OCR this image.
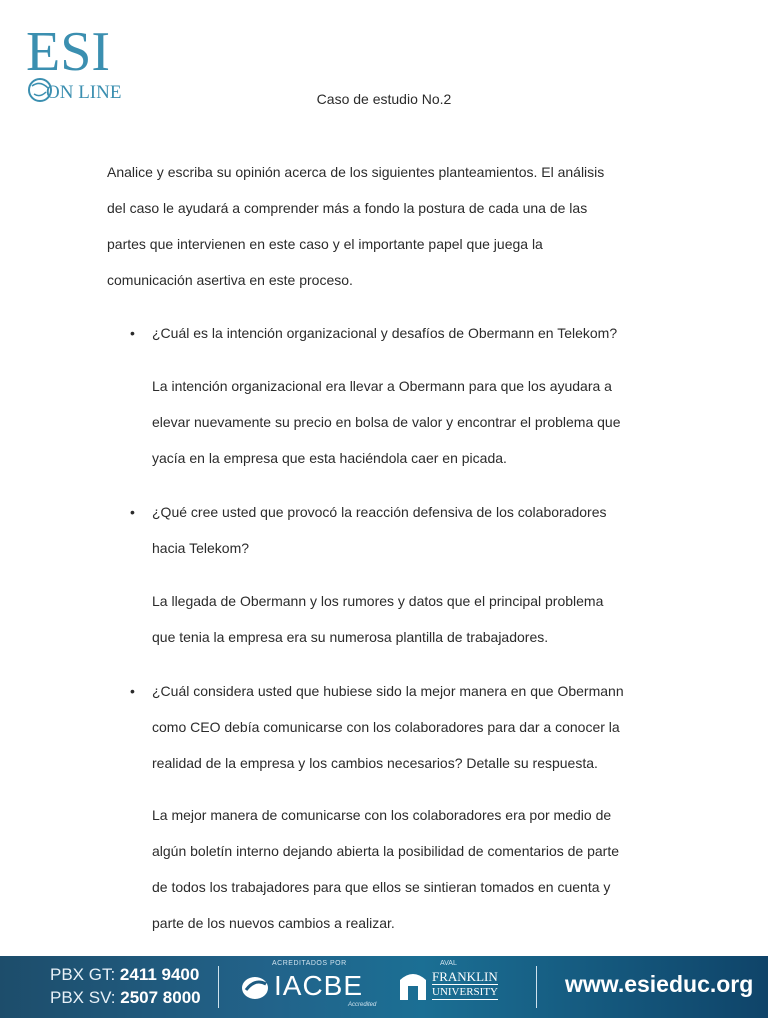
ESI
ON LINE	Caso de estudio No.2

Analice y escriba su opinión acerca de los siguientes planteamientos. El análisis

del caso le ayudará a comprender más a fondo la postura de cada una de las

partes que intervienen en este caso y el importante papel que juega la

comunicación asertiva en este proceso.

• ¿Cuál es la intención organizacional y desafíos de Obermann en Telekom?

La intención organizacional era llevar a Obermann para que los ayudara a

elevar nuevamente su precio en bolsa de valor y encontrar el problema que

yacía en la empresa que esta haciéndola caer en picada.

• ¿Qué cree usted que provocó la reacción defensiva de los colaboradores

hacia Telekom?

La llegada de Obermann y los rumores y datos que el principal problema

que tenia la empresa era su numerosa plantilla de trabajadores.

• ¿Cuál considera usted que hubiese sido la mejor manera en que Obermann

como CEO debía comunicarse con los colaboradores para dar a conocer la

realidad de la empresa y los cambios necesarios? Detalle su respuesta.

La mejor manera de comunicarse con los colaboradores era por medio de

algún boletín interno dejando abierta la posibilidad de comentarios de parte

de todos los trabajadores para que ellos se sintieran tomados en cuenta y

parte de los nuevos cambios a realizar.

PBX GT: 2411 9400
PBX SV: 2507 8000
ACREDITADOS POR
IACBE
Accredited
AVAL
FRANKLIN
UNIVERSITY	www.esieduc.org
